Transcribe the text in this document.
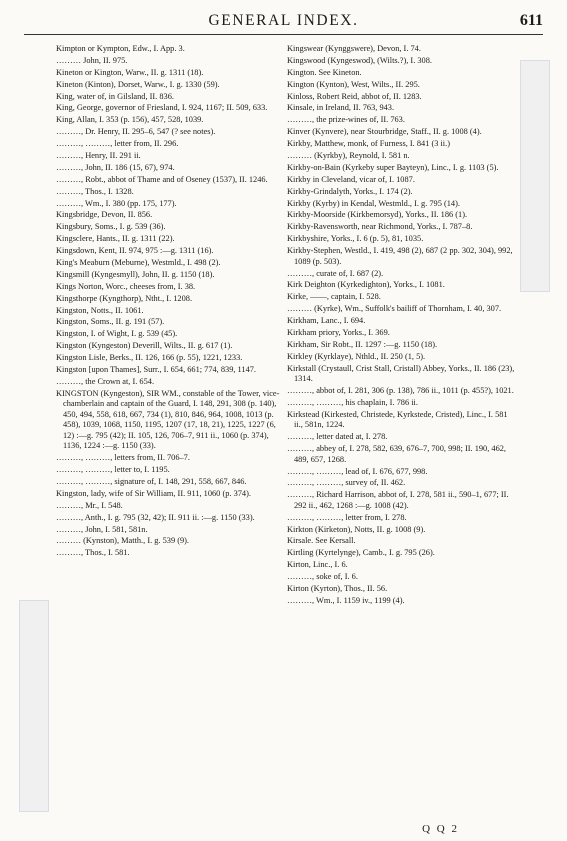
GENERAL INDEX.	611

Kimpton or Kympton, Edw., I. App. 3.

……… John, II. 975.

Kineton or Kington, Warw., II. g. 1311 (18).

Kineton (Kinton), Dorset, Warw., I. g. 1330 (59).

King, water of, in Gilsland, II. 836.

King, George, governor of Friesland, I. 924, 1167; II. 509, 633.

King, Allan, I. 353 (p. 156), 457, 528, 1039.

………, Dr. Henry, II. 295–6, 547 (? see notes).

………, ………, letter from, II. 296.

………, Henry, II. 291 ii.

………, John, II. 186 (15, 67), 974.

………, Robt., abbot of Thame and of Oseney (1537), II. 1246.

………, Thos., I. 1328.

………, Wm., I. 380 (pp. 175, 177).

Kingsbridge, Devon, II. 856.

Kingsbury, Soms., I. g. 539 (36).

Kingsclere, Hants., II. g. 1311 (22).

Kingsdown, Kent, II. 974, 975 :—g. 1311 (16).

King's Meaburn (Meburne), Westmld., I. 498 (2).

Kingsmill (Kyngesmyll), John, II. g. 1150 (18).

Kings Norton, Worc., cheeses from, I. 38.

Kingsthorpe (Kyngthorp), Ntht., I. 1208.

Kingston, Notts., II. 1061.

Kingston, Soms., II. g. 191 (57).

Kingston, I. of Wight, I. g. 539 (45).

Kingston (Kyngeston) Deverill, Wilts., II. g. 617 (1).

Kingston Lisle, Berks., II. 126, 166 (p. 55), 1221, 1233.

Kingston [upon Thames], Surr., I. 654, 661; 774, 839, 1147.

………, the Crown at, I. 654.

KINGSTON (Kyngeston), SIR WM., constable of the Tower, vice-chamberlain and captain of the Guard, I. 148, 291, 308 (p. 140), 450, 494, 558, 618, 667, 734 (1), 810, 846, 964, 1008, 1013 (p. 458), 1039, 1068, 1150, 1195, 1207 (17, 18, 21), 1225, 1227 (6, 12) :—g. 795 (42); II. 105, 126, 706–7, 911 ii., 1060 (p. 374), 1136, 1224 :—g. 1150 (33).

………, ………, letters from, II. 706–7.

………, ………, letter to, I. 1195.

………, ………, signature of, I. 148, 291, 558, 667, 846.

Kingston, lady, wife of Sir William, II. 911, 1060 (p. 374).

………, Mr., I. 548.

………, Anth., I. g. 795 (32, 42); II. 911 ii. :—g. 1150 (33).

………, John, I. 581, 581n.

……… (Kynston), Matth., I. g. 539 (9).

………, Thos., I. 581.

Kingswear (Kynggswere), Devon, I. 74.

Kingswood (Kyngeswod), (Wilts.?), I. 308.

Kington. See Kineton.

Kington (Kynton), West, Wilts., II. 295.

Kinloss, Robert Reid, abbot of, II. 1283.

Kinsale, in Ireland, II. 763, 943.

………, the prize-wines of, II. 763.

Kinver (Kynvere), near Stourbridge, Staff., II. g. 1008 (4).

Kirkby, Matthew, monk, of Furness, I. 841 (3 ii.)

……… (Kyrkby), Reynold, I. 581 n.

Kirkby-on-Bain (Kyrkeby super Bayteyn), Linc., I. g. 1103 (5).

Kirkby in Cleveland, vicar of, I. 1087.

Kirkby-Grindalyth, Yorks., I. 174 (2).

Kirkby (Kyrby) in Kendal, Westmld., I. g. 795 (14).

Kirkby-Moorside (Kirkbemorsyd), Yorks., II. 186 (1).

Kirkby-Ravensworth, near Richmond, Yorks., I. 787–8.

Kirkbyshire, Yorks., I. 6 (p. 5), 81, 1035.

Kirkby-Stephen, Westld., I. 419, 498 (2), 687 (2 pp. 302, 304), 992, 1089 (p. 503).

………, curate of, I. 687 (2).

Kirk Deighton (Kyrkedighton), Yorks., I. 1081.

Kirke, ——, captain, I. 528.

……… (Kyrke), Wm., Suffolk's bailiff of Thornham, I. 40, 307.

Kirkham, Lanc., I. 694.

Kirkham priory, Yorks., I. 369.

Kirkham, Sir Robt., II. 1297 :—g. 1150 (18).

Kirkley (Kyrklaye), Nthld., II. 250 (1, 5).

Kirkstall (Crystaull, Crist Stall, Cristall) Abbey, Yorks., II. 186 (23), 1314.

………, abbot of, I. 281, 306 (p. 138), 786 ii., 1011 (p. 455?), 1021.

………, ………, his chaplain, I. 786 ii.

Kirkstead (Kirkested, Christede, Kyrkstede, Cristed), Linc., I. 581 ii., 581n, 1224.

………, letter dated at, I. 278.

………, abbey of, I. 278, 582, 639, 676–7, 700, 998; II. 190, 462, 489, 657, 1268.

………, ………, lead of, I. 676, 677, 998.

………, ………, survey of, II. 462.

………, Richard Harrison, abbot of, I. 278, 581 ii., 590–1, 677; II. 292 ii., 462, 1268 :—g. 1008 (42).

………, ………, letter from, I. 278.

Kirkton (Kirketon), Notts, II. g. 1008 (9).

Kirsale. See Kersall.

Kirtling (Kyrtelynge), Camb., I. g. 795 (26).

Kirton, Linc., I. 6.

………, soke of, I. 6.

Kirton (Kyrton), Thos., II. 56.

………, Wm., I. 1159 iv., 1199 (4).

Q Q 2
